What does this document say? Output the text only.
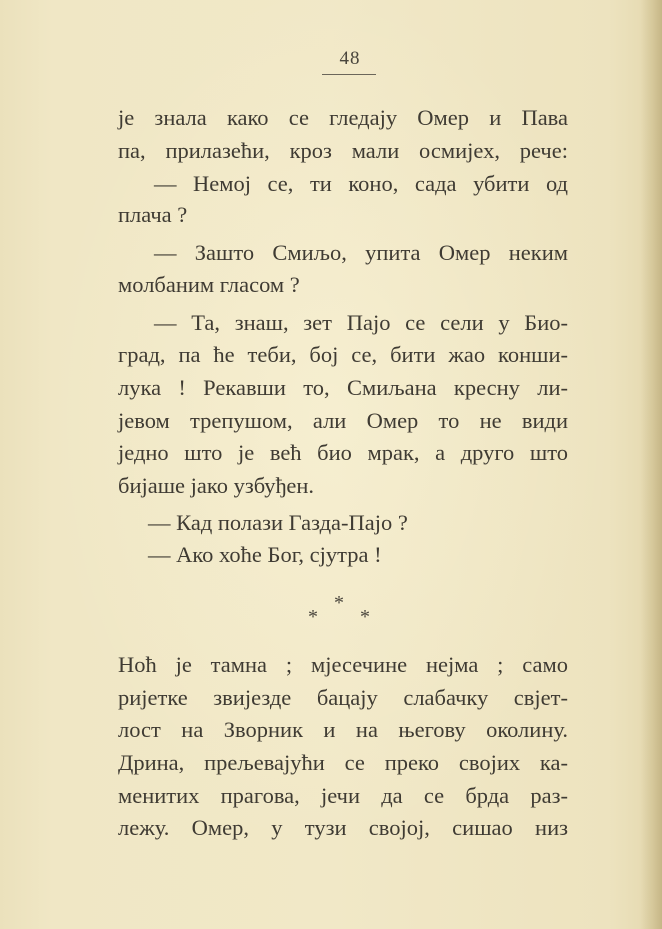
48
је знала како се гледају Омер и Пава
па, прилазећи, кроз мали осмијех, рече:
— Немој се, ти коно, сада убити од
плача ?
— Зашто Смиљо, упита Омер неким
молбаним гласом ?
— Та, знаш, зет Пајо се сели у Био-
град, па ће теби, бој се, бити жао конши-
лука ! Рекавши то, Смиљана кресну ли-
јевом трепушом, али Омер то не види
једно што је већ био мрак, а друго што
бијаше јако узбуђен.
— Кад полази Газда-Пајо ?
— Ако хоће Бог, сјутра !
Ноћ је тамна ; мјесечине нејма ; само
ријетке звијезде бацају слабачку свјет-
лост на Зворник и на његову околину.
Дрина, прељевајући се преко својих ка-
менитих прагова, јечи да се брда раз-
лежу. Омер, у тузи својој, сишао низ
*
* *
